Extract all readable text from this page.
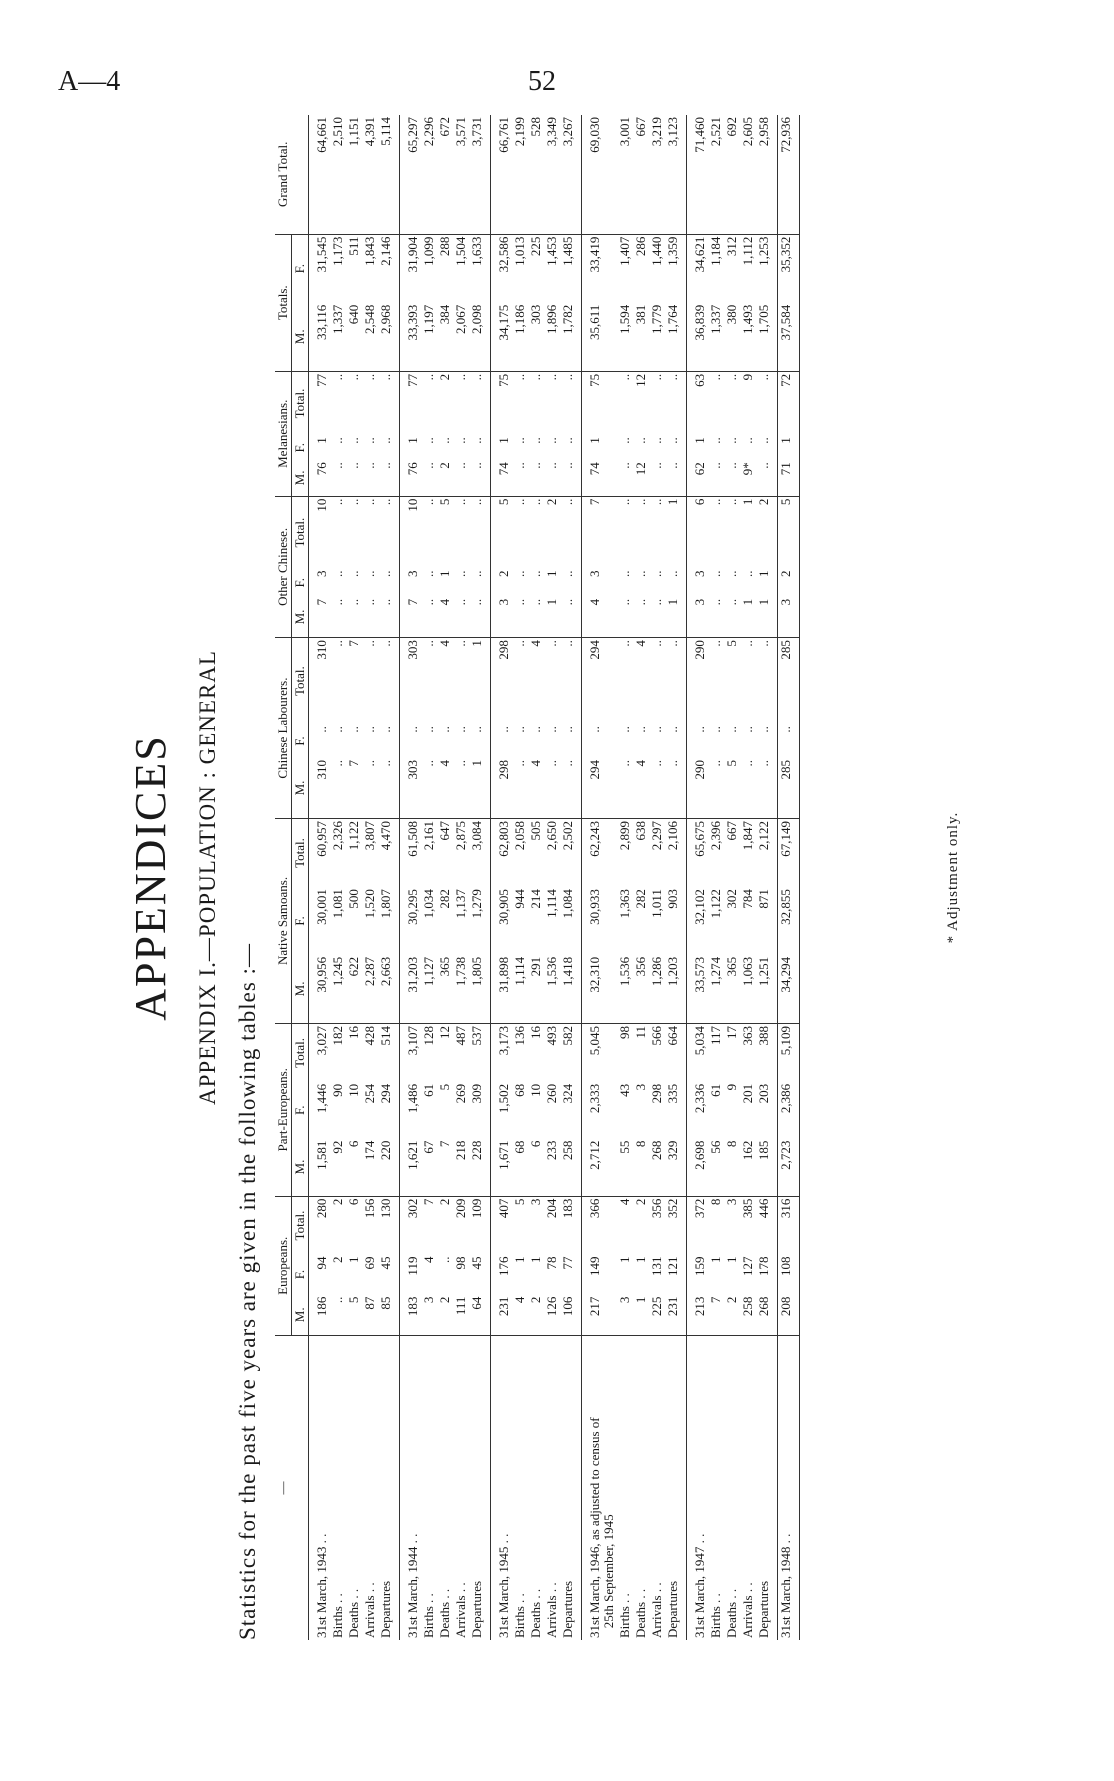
A—4	52
APPENDICES APPENDIX I.—POPULATION : GENERAL
Statistics for the past five years are given in the following tables :— —	Europeans.			Part-Europeans.			Native Samoans.			Chinese Labourers.			Other Chinese.			Melanesians.			Totals.		Grand Total.
	M.	F.	Total.	M.	F.	Total.	M.	F.	Total.	M.	F.	Total.	M.	F.	Total.	M.	F.	Total.	M.	F.	
31st March, 1943 . .	186	94	280	1,581	1,446	3,027	30,956	30,001	60,957	310	..	310	7	3	10	76	1	77	33,116	31,545	64,661
Births . .	..	2	2	92	90	182	1,245	1,081	2,326	..	..	..	..	..	..	..	..	..	1,337	1,173	2,510
Deaths . .	5	1	6	6	10	16	622	500	1,122	7	..	7	..	..	..	..	..	..	640	511	1,151
Arrivals . .	87	69	156	174	254	428	2,287	1,520	3,807	..	..	..	..	..	..	..	..	..	2,548	1,843	4,391
Departures	85	45	130	220	294	514	2,663	1,807	4,470	..	..	..	..	..	..	..	..	..	2,968	2,146	5,114
31st March, 1944 . .	183	119	302	1,621	1,486	3,107	31,203	30,295	61,508	303	..	303	7	3	10	76	1	77	33,393	31,904	65,297
Births . .	3	4	7	67	61	128	1,127	1,034	2,161	..	..	..	..	..	..	..	..	..	1,197	1,099	2,296
Deaths . .	2	..	2	7	5	12	365	282	647	4	..	4	4	1	5	2	..	2	384	288	672
Arrivals . .	111	98	209	218	269	487	1,738	1,137	2,875	..	..	..	..	..	..	..	..	..	2,067	1,504	3,571
Departures	64	45	109	228	309	537	1,805	1,279	3,084	1	..	1	..	..	..	..	..	..	2,098	1,633	3,731
31st March, 1945 . .	231	176	407	1,671	1,502	3,173	31,898	30,905	62,803	298	..	298	3	2	5	74	1	75	34,175	32,586	66,761
Births . .	4	1	5	68	68	136	1,114	944	2,058	..	..	..	..	..	..	..	..	..	1,186	1,013	2,199
Deaths . .	2	1	3	6	10	16	291	214	505	4	..	4	..	..	..	..	..	..	303	225	528
Arrivals . .	126	78	204	233	260	493	1,536	1,114	2,650	..	..	..	1	1	2	..	..	..	1,896	1,453	3,349
Departures	106	77	183	258	324	582	1,418	1,084	2,502	..	..	..	..	..	..	..	..	..	1,782	1,485	3,267
31st March, 1946, as adjusted to census of
25th September, 1945	217	149	366	2,712	2,333	5,045	32,310	30,933	62,243	294	..	294	4	3	7	74	1	75	35,611	33,419	69,030
Births . .	3	1	4	55	43	98	1,536	1,363	2,899	..	..	..	..	..	..	..	..	..	1,594	1,407	3,001
Deaths . .	1	1	2	8	3	11	356	282	638	4	..	4	..	..	..	12	..	12	381	286	667
Arrivals . .	225	131	356	268	298	566	1,286	1,011	2,297	..	..	..	..	..	..	..	..	..	1,779	1,440	3,219
Departures	231	121	352	329	335	664	1,203	903	2,106	..	..	..	1	..	1	..	..	..	1,764	1,359	3,123
31st March, 1947 . .	213	159	372	2,698	2,336	5,034	33,573	32,102	65,675	290	..	290	3	3	6	62	1	63	36,839	34,621	71,460
Births . .	7	1	8	56	61	117	1,274	1,122	2,396	..	..	..	..	..	..	..	..	..	1,337	1,184	2,521
Deaths . .	2	1	3	8	9	17	365	302	667	5	..	5	..	..	..	..	..	..	380	312	692
Arrivals . .	258	127	385	162	201	363	1,063	784	1,847	..	..	..	1	..	1	9*	..	9	1,493	1,112	2,605
Departures	268	178	446	185	203	388	1,251	871	2,122	..	..	..	1	1	2	..	..	..	1,705	1,253	2,958
31st March, 1948 . .	208	108	316	2,723	2,386	5,109	34,294	32,855	67,149	285	..	285	3	2	5	71	1	72	37,584	35,352	72,936
* Adjustment only.
